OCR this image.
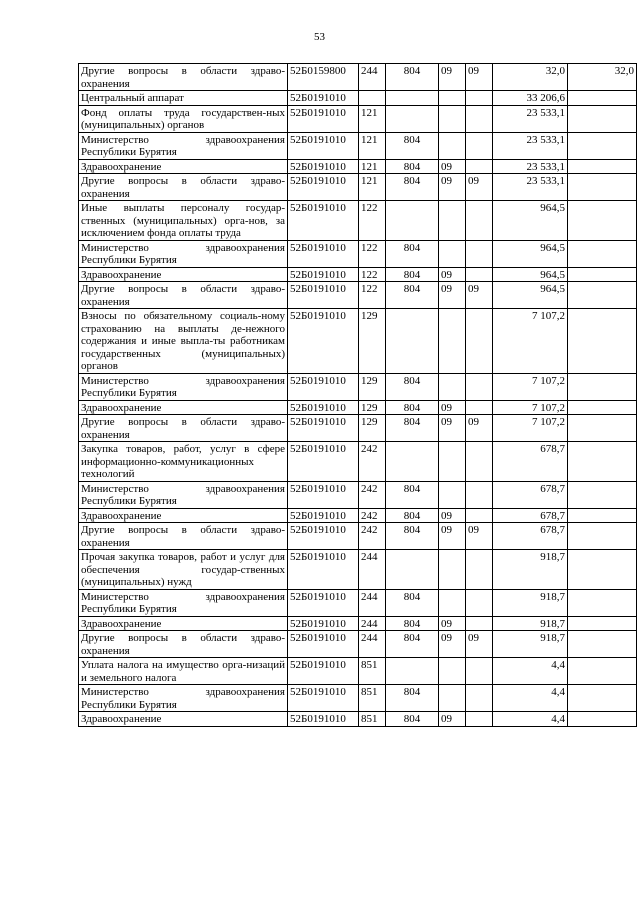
53
Другие вопросы в области здраво-охранения	52Б0159800	244	804	09	09	32,0	32,0
Центральный аппарат	52Б0191010					33 206,6	
Фонд оплаты труда государствен-ных (муниципальных) органов	52Б0191010	121				23 533,1	
Министерство здравоохранения Республики Бурятия	52Б0191010	121	804			23 533,1	
Здравоохранение	52Б0191010	121	804	09		23 533,1	
Другие вопросы в области здраво-охранения	52Б0191010	121	804	09	09	23 533,1	
Иные выплаты персоналу государ-ственных (муниципальных) орга-нов, за исключением фонда оплаты труда	52Б0191010	122				964,5	
Министерство здравоохранения Республики Бурятия	52Б0191010	122	804			964,5	
Здравоохранение	52Б0191010	122	804	09		964,5	
Другие вопросы в области здраво-охранения	52Б0191010	122	804	09	09	964,5	
Взносы по обязательному социаль-ному страхованию на выплаты де-нежного содержания и иные выпла-ты работникам государственных (муниципальных) органов	52Б0191010	129				7 107,2	
Министерство здравоохранения Республики Бурятия	52Б0191010	129	804			7 107,2	
Здравоохранение	52Б0191010	129	804	09		7 107,2	
Другие вопросы в области здраво-охранения	52Б0191010	129	804	09	09	7 107,2	
Закупка товаров, работ, услуг в сфере информационно-коммуникационных технологий	52Б0191010	242				678,7	
Министерство здравоохранения Республики Бурятия	52Б0191010	242	804			678,7	
Здравоохранение	52Б0191010	242	804	09		678,7	
Другие вопросы в области здраво-охранения	52Б0191010	242	804	09	09	678,7	
Прочая закупка товаров, работ и услуг для обеспечения государ-ственных (муниципальных) нужд	52Б0191010	244				918,7	
Министерство здравоохранения Республики Бурятия	52Б0191010	244	804			918,7	
Здравоохранение	52Б0191010	244	804	09		918,7	
Другие вопросы в области здраво-охранения	52Б0191010	244	804	09	09	918,7	
Уплата налога на имущество орга-низаций и земельного налога	52Б0191010	851				4,4	
Министерство здравоохранения Республики Бурятия	52Б0191010	851	804			4,4	
Здравоохранение	52Б0191010	851	804	09		4,4	
